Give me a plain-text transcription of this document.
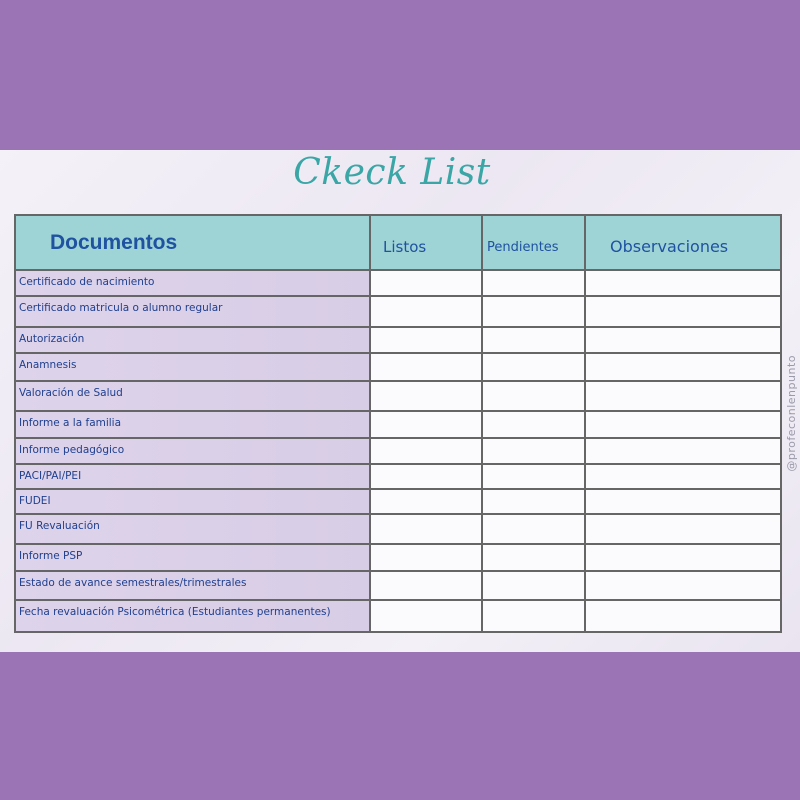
Ckeck List
Documentos	Listos	Pendientes	Observaciones
Certificado de nacimiento			
Certificado matricula o alumno regular			
Autorización			
Anamnesis			
Valoración de Salud			
Informe a la familia			
Informe pedagógico			
PACI/PAI/PEI			
FUDEI			
FU Revaluación			
Informe PSP			
Estado de avance semestrales/trimestrales			
Fecha revaluación Psicométrica (Estudiantes permanentes)			
@profeconlenpunto
